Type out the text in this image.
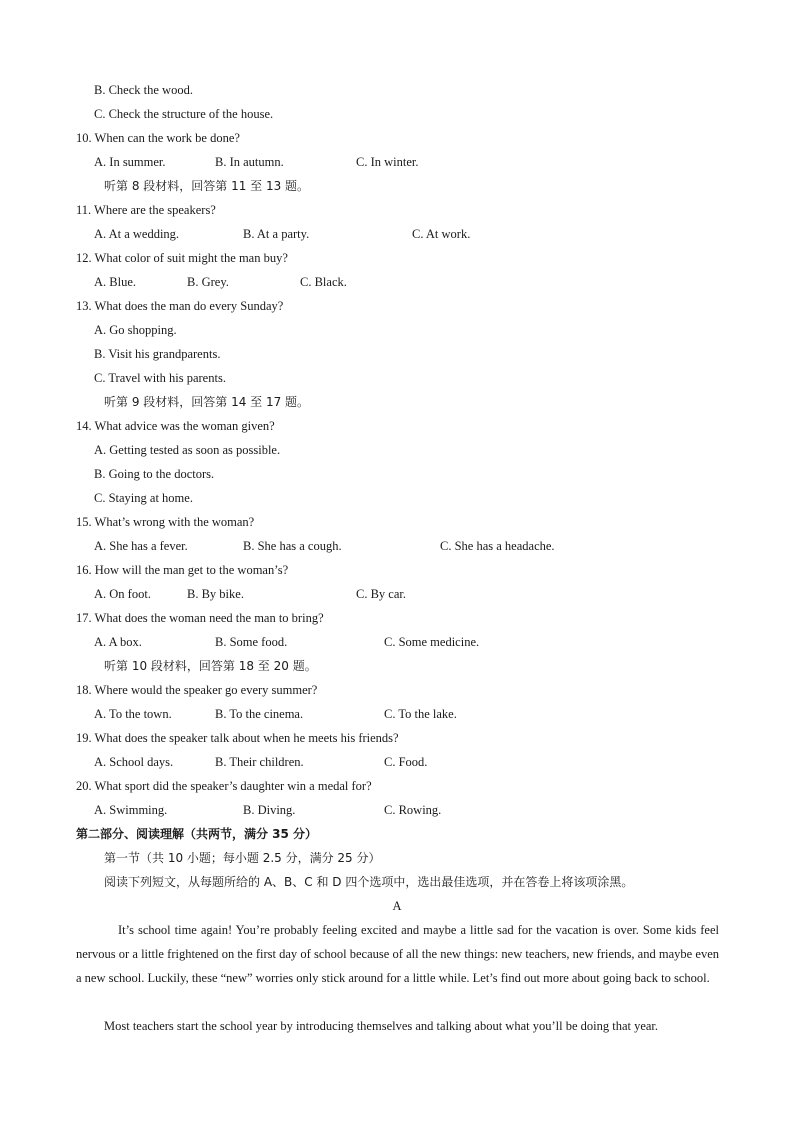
B. Check the wood.
C. Check the structure of the house.
10. When can the work be done?
A. In summer.	B. In autumn.	C. In winter.
听第 8 段材料，回答第 11 至 13 题。
11. Where are the speakers?
A. At a wedding.	B. At a party.	C. At work.
12. What color of suit might the man buy?
A. Blue.	B. Grey.	C. Black.
13. What does the man do every Sunday?
A. Go shopping.
B. Visit his grandparents.
C. Travel with his parents.
听第 9 段材料，回答第 14 至 17 题。
14. What advice was the woman given?
A. Getting tested as soon as possible.
B. Going to the doctors.
C. Staying at home.
15. What’s wrong with the woman?
A. She has a fever.	B. She has a cough.	C. She has a headache.
16. How will the man get to the woman’s?
A. On foot.	B. By bike.	C. By car.
17. What does the woman need the man to bring?
A. A box.	B. Some food.	C. Some medicine.
听第 10 段材料，回答第 18 至 20 题。
18. Where would the speaker go every summer?
A. To the town.	B. To the cinema.	C. To the lake.
19. What does the speaker talk about when he meets his friends?
A. School days.	B. Their children.	C. Food.
20. What sport did the speaker’s daughter win a medal for?
A. Swimming.	B. Diving.	C. Rowing.
第二部分、阅读理解（共两节，满分 35 分）
第一节（共 10 小题；每小题 2.5 分，满分 25 分）
阅读下列短文，从每题所给的 A、B、C 和 D 四个选项中，选出最佳选项，并在答卷上将该项涂黑。
A
It’s school time again! You’re probably feeling excited and maybe a little sad for the vacation is over. Some kids feel nervous or a little frightened on the first day of school because of all the new things: new teachers, new friends, and maybe even a new school. Luckily, these “new” worries only stick around for a little while. Let’s find out more about going back to school.
Most teachers start the school year by introducing themselves and talking about what you’ll be doing that year.
